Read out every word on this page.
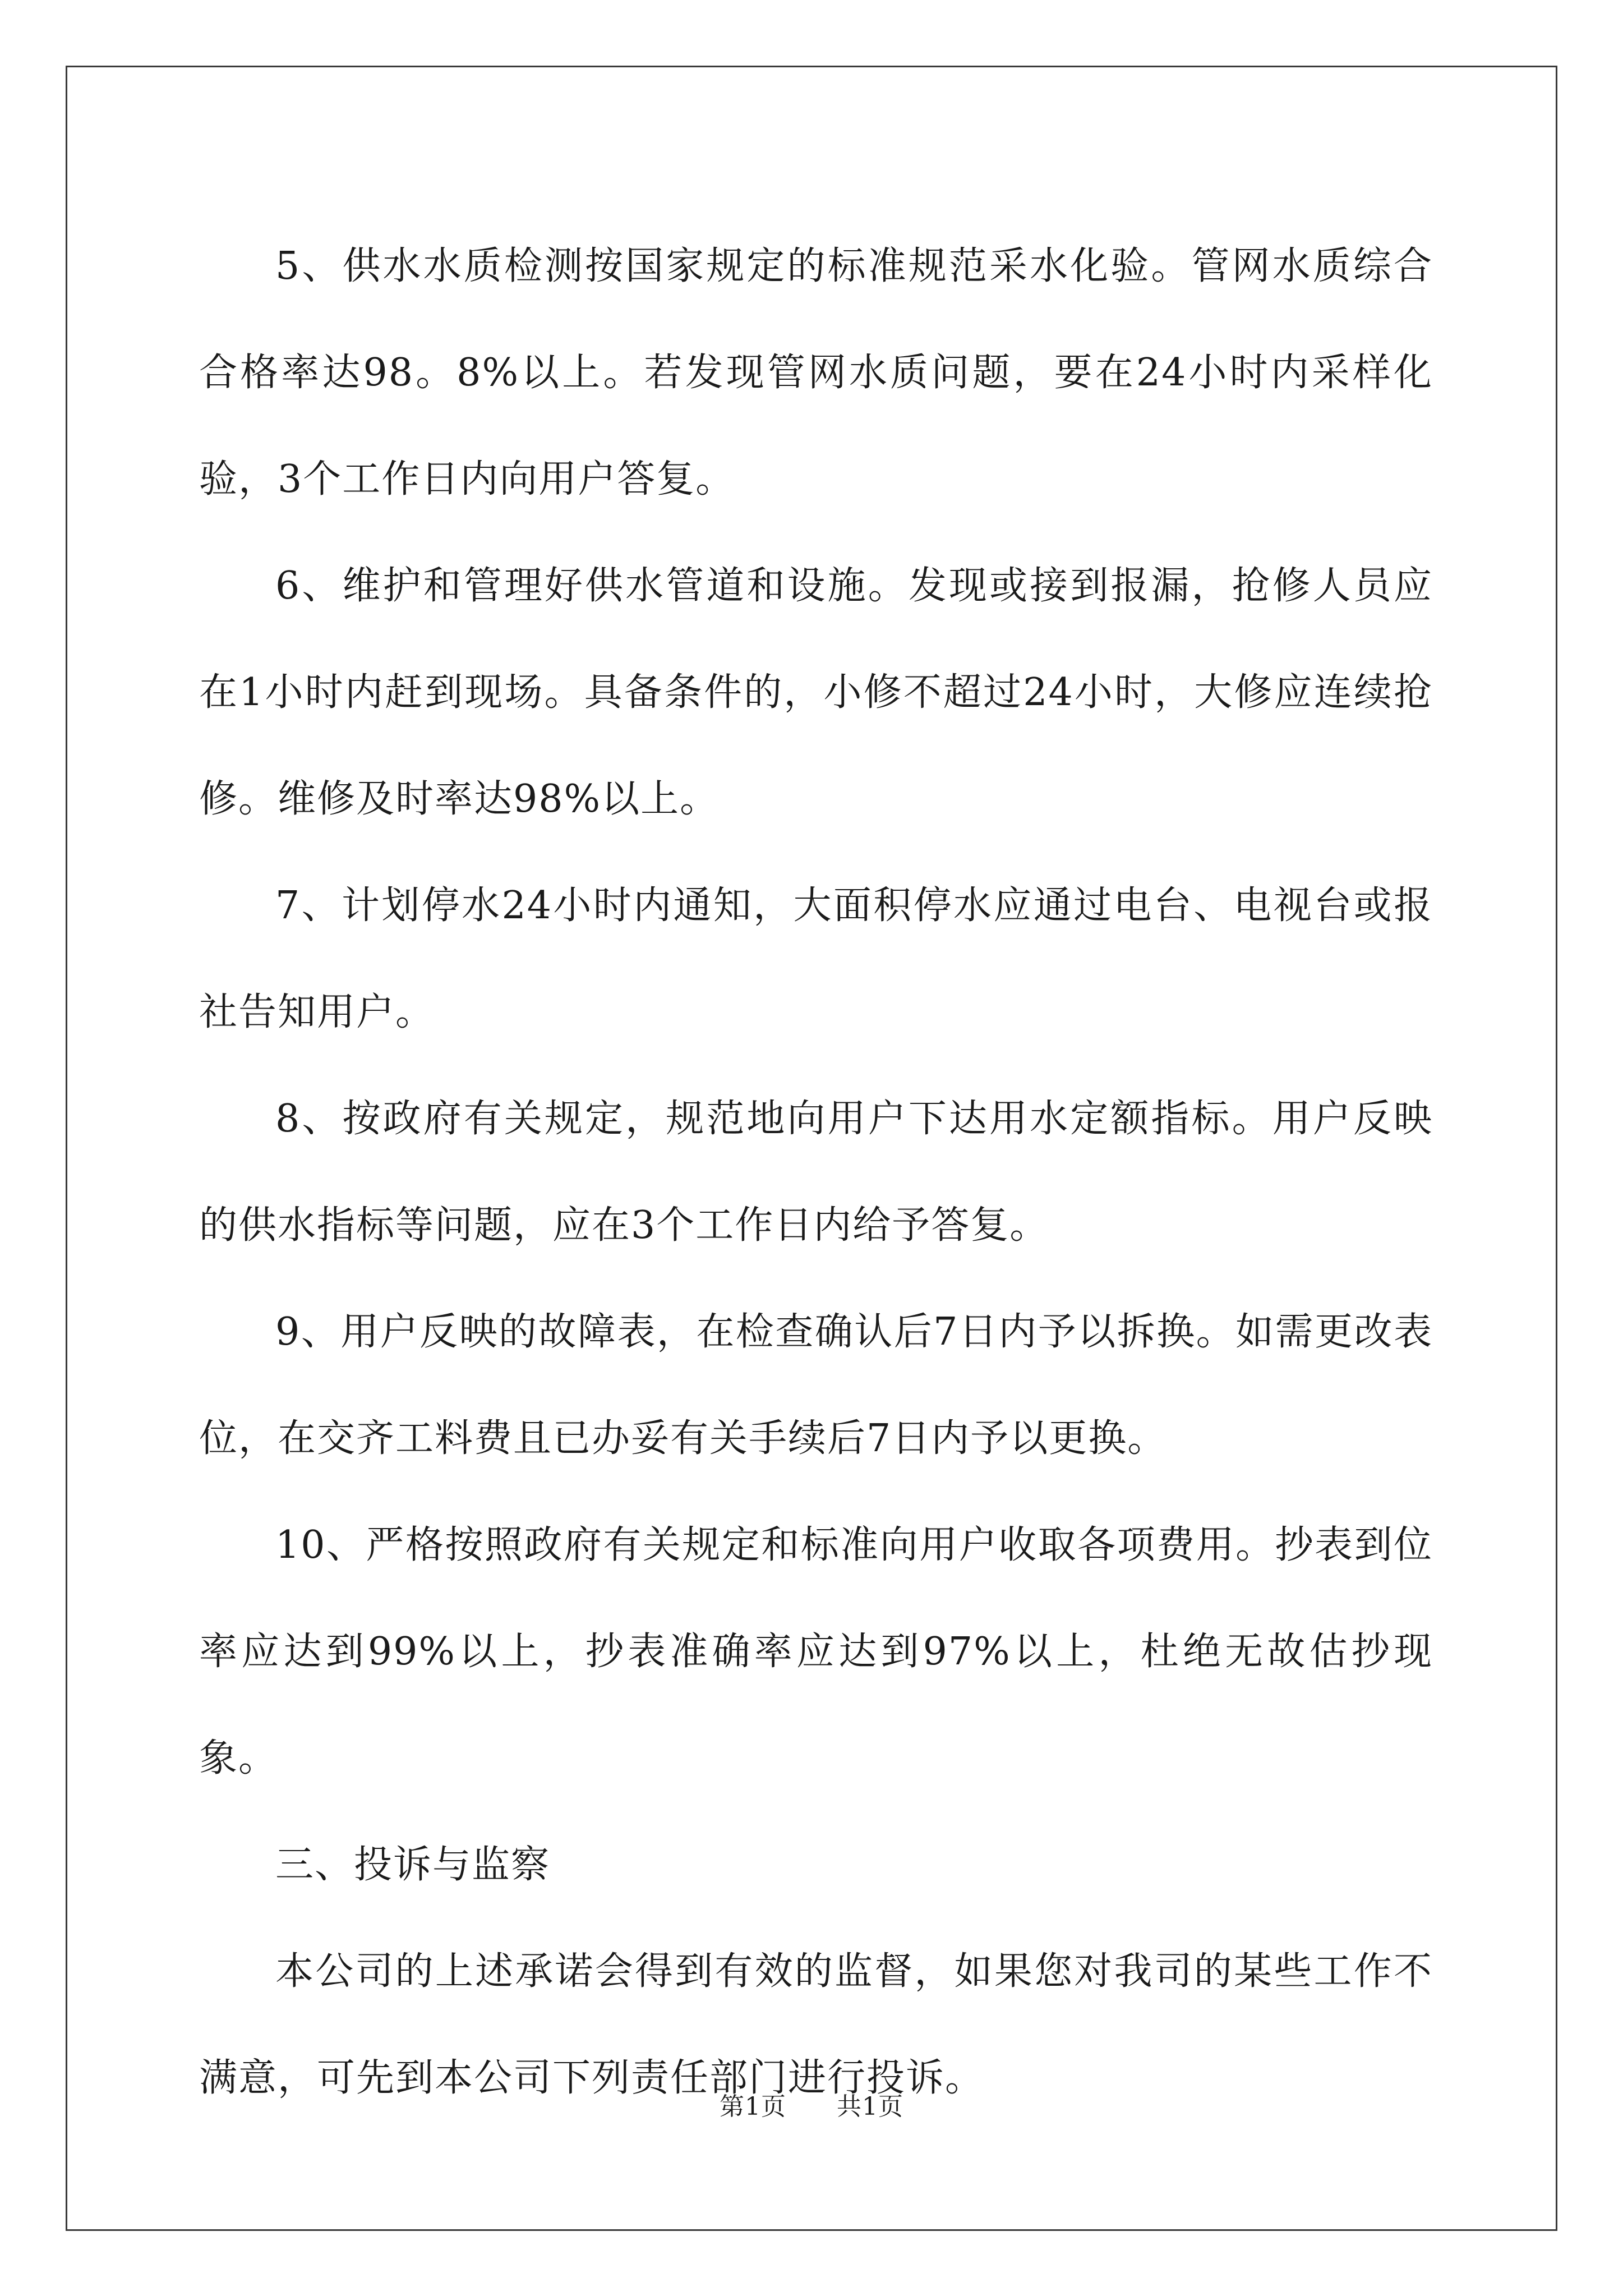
5、供水水质检测按国家规定的标准规范采水化验。管网水质综合合格率达98。8%以上。若发现管网水质问题，要在24小时内采样化验，3个工作日内向用户答复。

6、维护和管理好供水管道和设施。发现或接到报漏，抢修人员应在1小时内赶到现场。具备条件的，小修不超过24小时，大修应连续抢修。维修及时率达98%以上。

7、计划停水24小时内通知，大面积停水应通过电台、电视台或报社告知用户。

8、按政府有关规定，规范地向用户下达用水定额指标。用户反映的供水指标等问题，应在3个工作日内给予答复。

9、用户反映的故障表，在检查确认后7日内予以拆换。如需更改表位，在交齐工料费且已办妥有关手续后7日内予以更换。

10、严格按照政府有关规定和标准向用户收取各项费用。抄表到位率应达到99%以上，抄表准确率应达到97%以上，杜绝无故估抄现象。

三、投诉与监察

本公司的上述承诺会得到有效的监督，如果您对我司的某些工作不满意，可先到本公司下列责任部门进行投诉。

第1页 共1页
